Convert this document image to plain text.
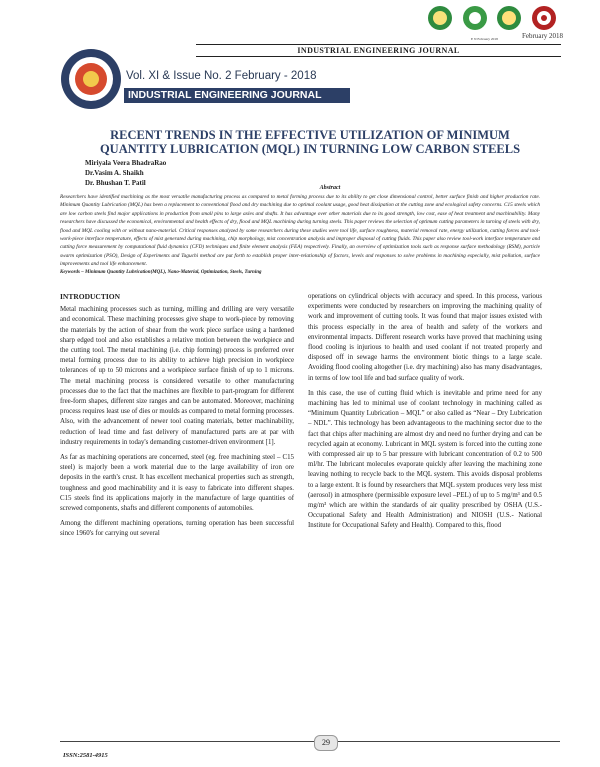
E N February 2018	February 2018
INDUSTRIAL ENGINEERING JOURNAL
Vol. XI & Issue No. 2 February - 2018
INDUSTRIAL ENGINEERING JOURNAL
RECENT TRENDS IN THE EFFECTIVE UTILIZATION OF MINIMUM
QUANTITY LUBRICATION (MQL) IN TURNING LOW CARBON STEELS
Miriyala Veera BhadraRao
Dr.Vasim A. Shaikh
Dr. Bhushan T. Patil
Abstract
Researchers have identified machining as the most versatile manufacturing process as compared to metal forming process due to its ability to get close dimensional control, better surface finish and higher production rate. Minimum Quantity Lubrication (MQL) has been a replacement to conventional flood and dry machining due to optimal coolant usage, good heat dissipation at the cutting zone and ecological safety concerns. C15 steels which are low carbon steels find major applications in production from small pins to large axles and shafts. It has advantage over other materials due to its good strength, low cost, ease of heat treatment and machinability. Many researchers have discussed the economical, environmental and health effects of dry, flood and MQL machining during turning steels. This paper reviews the selection of optimum cutting parameters in turning of steels with dry, flood and MQL cooling with or without nano-material. Critical responses analyzed by some researchers during these studies were tool life, surface roughness, material removal rate, energy utilization, cutting forces and tool-work-piece interface temperature, effects of mist generated during machining, chip morphology, mist concentration analysis and improper disposal of cutting fluids. This paper also review tool-work interface temperature and cutting force measurement by computational fluid dynamics (CFD) techniques and finite element analysis (FEA) respectively. Finally, an overview of optimization tools such as response surface methodology (RSM), particle swarm optimization (PSO), Design of Experiments and Taguchi method are put forth to establish proper inter-relationship of factors, levels and responses to solve problems in machining especially, mist pollution, surface improvements and tool life enhancement.
Keywords – Minimum Quantity Lubrication(MQL), Nano-Material, Optimization, Steels, Turning
INTRODUCTION

Metal machining processes such as turning, milling and drilling are very versatile and economical. These machining processes give shape to work-piece by removing the materials by the action of shear from the work piece surface using a hardened sharp edged tool and also establishes a relative motion between the workpiece and the cutting tool. The metal machining (i.e. chip forming) process is preferred over metal forming process due to its ability to achieve high precision in workpiece tolerances of up to 50 microns and a workpiece surface finish of up to 1 microns. The metal machining process is considered versatile to other manufacturing processes due to the fact that the machines are flexible to part-program for different free-form shapes, different size ranges and can be automated. Moreover, machining process requires least use of dies or moulds as compared to metal forming processes. Also, with the advancement of newer tool coating materials, better machinability, reduction of lead time and fast delivery of manufactured parts are at par with industry requirements in today's demanding customer-driven environment [1].

As far as machining operations are concerned, steel (eg. free machining steel – C15 steel) is majorly been a work material due to the large availability of iron ore deposits in the earth's crust. It has excellent mechanical properties such as strength, toughness and good machinability and it is easy to fabricate into different shapes. C15 steels find its applications majorly in the manufacture of large quantities of screwed components, shafts and different components of automobiles.

Among the different machining operations, turning operation has been successful since 1960's for carrying out several

operations on cylindrical objects with accuracy and speed. In this process, various experiments were conducted by researchers on improving the machining quality of work and improvement of cutting tools. It was found that major issues existed with this process especially in the area of health and safety of the workers and environmental impacts. Different research works have proved that machining using flood cooling is injurious to health and used coolant if not treated properly and disposed off in sewage harms the environment biotic things to a large scale. Avoiding flood cooling altogether (i.e. dry machining) also has many disadvantages, in terms of low tool life and bad surface quality of work.

In this case, the use of cutting fluid which is inevitable and prime need for any machining has led to minimal use of coolant technology in machining called as “Minimum Quantity Lubrication – MQL” or also called as “Near – Dry Lubrication – NDL”. This technology has been advantageous to the machining sector due to the fact that chips after machining are almost dry and need no further drying and can be recycled again at economy. Lubricant in MQL system is forced into the cutting zone with compressed air up to 5 bar pressure with lubricant concentration of 0.2 to 500 ml/hr. The lubricant molecules evaporate quickly after leaving the machining zone leaving nothing to recycle back to the MQL system. This avoids disposal problems to a large extent. It is found by researchers that MQL system produces very less mist (aerosol) in atmosphere (permissible exposure level –PEL) of up to 5 mg/m³ and 0.5 mg/m³ which are within the standards of air quality prescribed by OSHA (U.S.- Occupational Safety and Health Administration) and NIOSH (U.S.- National Institute for Occupational Safety and Health). Compared to this, flood

29
ISSN:2581-4915
